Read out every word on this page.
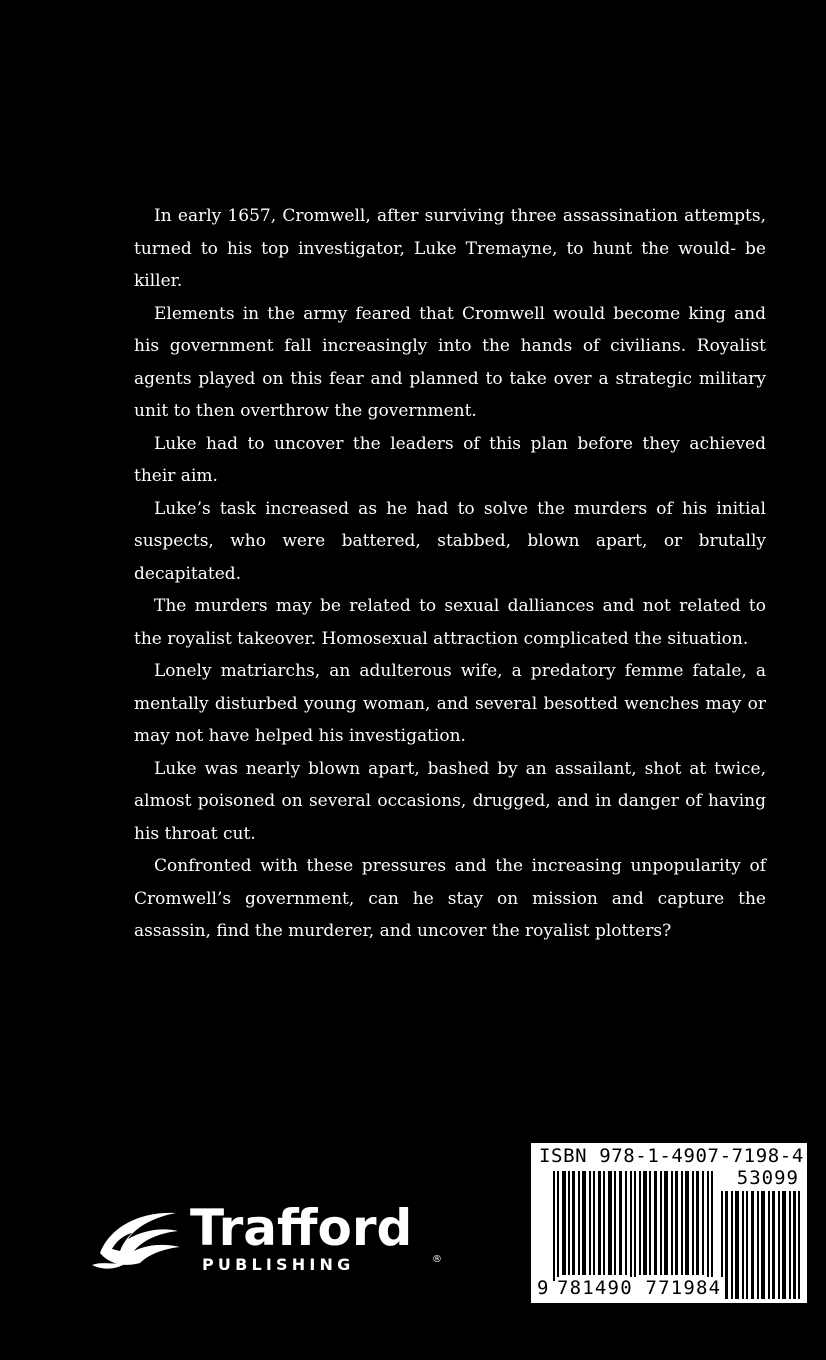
In early 1657, Cromwell, after surviving three assassination attempts, turned to his top investigator, Luke Tremayne, to hunt the would- be killer.

Elements in the army feared that Cromwell would become king and his government fall increasingly into the hands of civilians. Royalist agents played on this fear and planned to take over a strategic military unit to then overthrow the government.

Luke had to uncover the leaders of this plan before they achieved their aim.

Luke’s task increased as he had to solve the murders of his initial suspects, who were battered, stabbed, blown apart, or brutally decapitated.

The murders may be related to sexual dalliances and not related to the royalist takeover. Homosexual attraction complicated the situation.

Lonely matriarchs, an adulterous wife, a predatory femme fatale, a mentally disturbed young woman, and several besotted wenches may or may not have helped his investigation.

Luke was nearly blown apart, bashed by an assailant, shot at twice, almost poisoned on several occasions, drugged, and in danger of having his throat cut.

Confronted with these pressures and the increasing unpopularity of Cromwell’s government, can he stay on mission and capture the assassin, find the murderer, and uncover the royalist plotters?

Trafford
PUBLISHING	®
ISBN 978-1-4907-7198-4
53099
9 781490 771984
